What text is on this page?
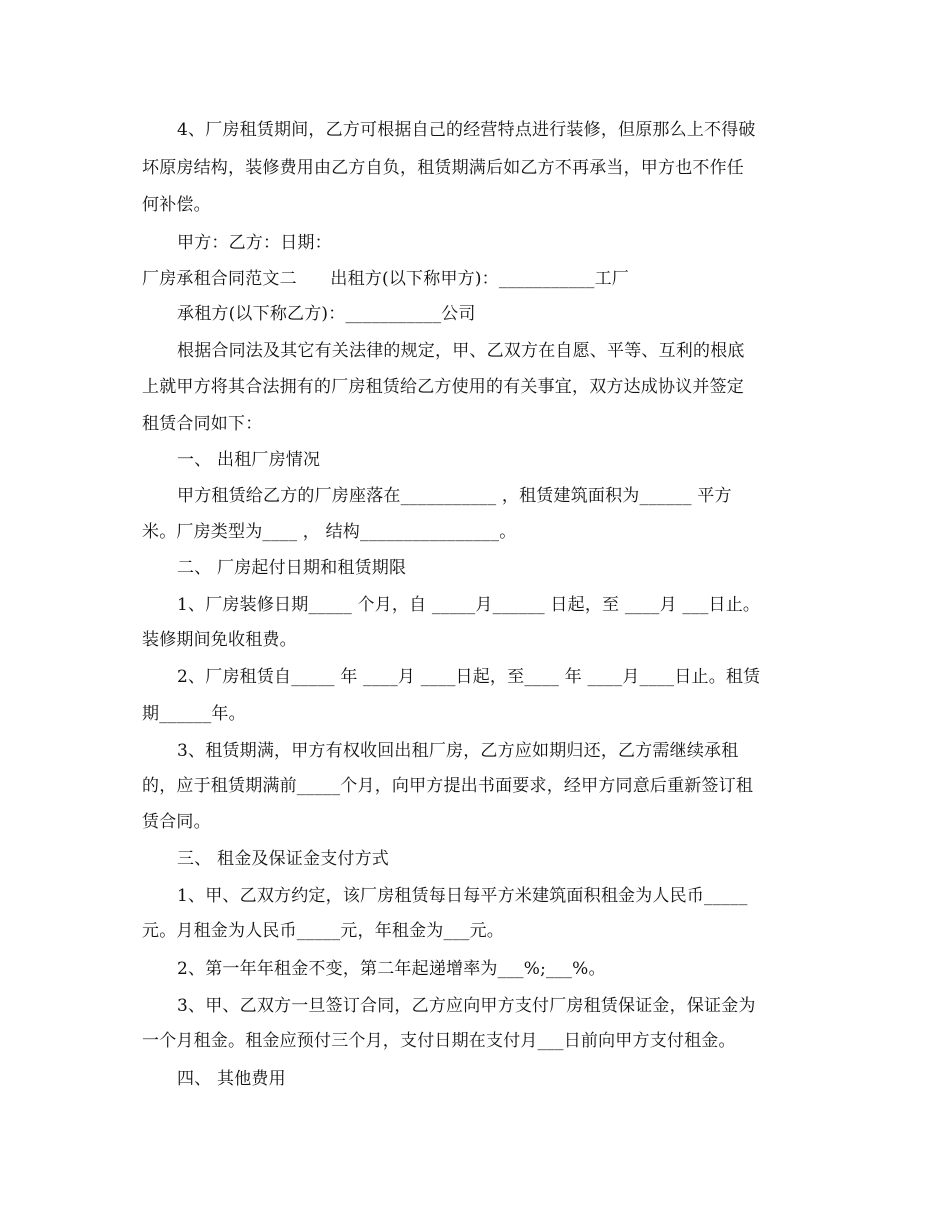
4、厂房租赁期间，乙方可根据自己的经营特点进行装修，但原那么上不得破
坏原房结构，装修费用由乙方自负，租赁期满后如乙方不再承当，甲方也不作任
何补偿。
甲方：乙方：日期：
厂房承租合同范文二      出租方(以下称甲方)：___________工厂
承租方(以下称乙方)：___________公司
根据合同法及其它有关法律的规定，甲、乙双方在自愿、平等、互利的根底
上就甲方将其合法拥有的厂房租赁给乙方使用的有关事宜，双方达成协议并签定
租赁合同如下：
一、 出租厂房情况
甲方租赁给乙方的厂房座落在___________ ，租赁建筑面积为______ 平方
米。厂房类型为____ ， 结构________________。
二、 厂房起付日期和租赁期限
1、厂房装修日期_____ 个月，自 _____月______ 日起，至 ____月 ___日止。
装修期间免收租费。
2、厂房租赁自_____ 年 ____月 ____日起，至____ 年 ____月____日止。租赁
期______年。
3、租赁期满，甲方有权收回出租厂房，乙方应如期归还，乙方需继续承租
的，应于租赁期满前_____个月，向甲方提出书面要求，经甲方同意后重新签订租
赁合同。
三、 租金及保证金支付方式
1、甲、乙双方约定，该厂房租赁每日每平方米建筑面积租金为人民币_____
元。月租金为人民币_____元，年租金为___元。
2、第一年年租金不变，第二年起递增率为___%;___%。
3、甲、乙双方一旦签订合同，乙方应向甲方支付厂房租赁保证金，保证金为
一个月租金。租金应预付三个月，支付日期在支付月___日前向甲方支付租金。
四、 其他费用
